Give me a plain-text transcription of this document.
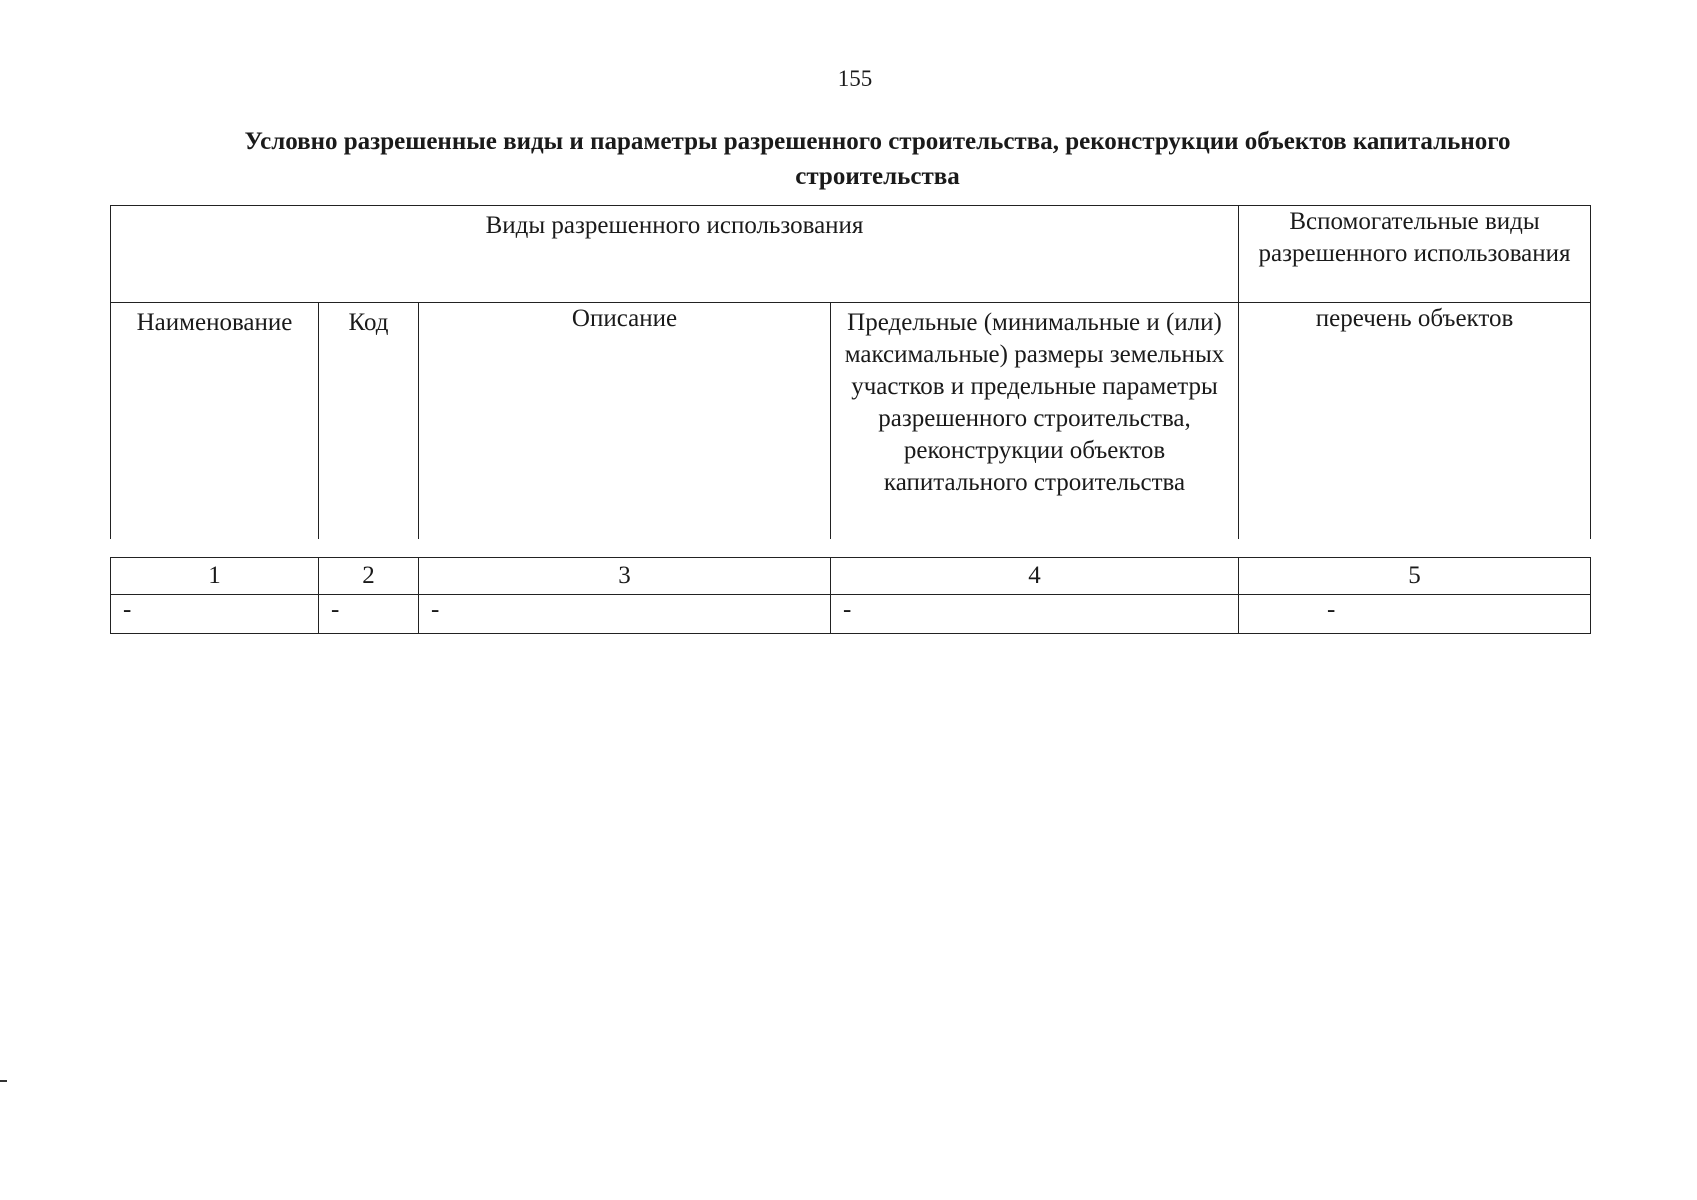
155
Условно разрешенные виды и параметры разрешенного строительства, реконструкции объектов капитального строительства
Виды разрешенного использования				Вспомогательные виды разрешенного использования
Наименование	Код	Описание	Предельные (минимальные и (или) максимальные) размеры земельных участков и предельные параметры разрешенного строительства, реконструкции объектов капитального строительства	перечень объектов
1	2	3	4	5
-	-	-	-	-
